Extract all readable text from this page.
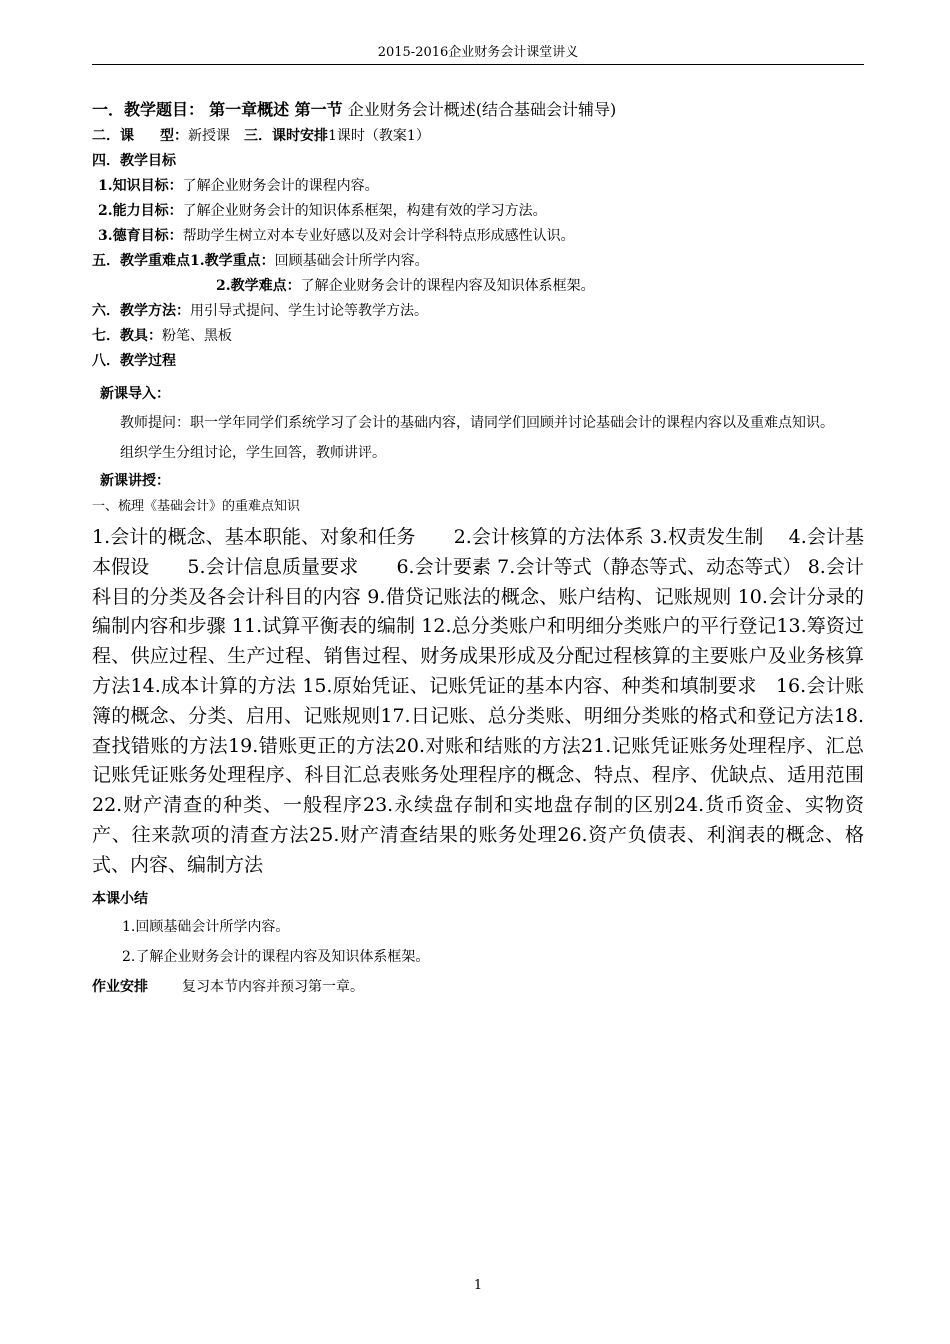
2015-2016企业财务会计课堂讲义
一．教学题目： 第一章概述 第一节 企业财务会计概述(结合基础会计辅导)
二．课 型：新授课 三．课时安排1课时（教案1）
四．教学目标
1.知识目标：了解企业财务会计的课程内容。
2.能力目标：了解企业财务会计的知识体系框架，构建有效的学习方法。
3.德育目标：帮助学生树立对本专业好感以及对会计学科特点形成感性认识。
五．教学重难点1.教学重点：回顾基础会计所学内容。
2.教学难点：了解企业财务会计的课程内容及知识体系框架。
六．教学方法：用引导式提问、学生讨论等教学方法。
七．教具：粉笔、黑板
八．教学过程
新课导入：
教师提问：职一学年同学们系统学习了会计的基础内容，请同学们回顾并讨论基础会计的课程内容以及重难点知识。
组织学生分组讨论，学生回答，教师讲评。
新课讲授：
一、梳理《基础会计》的重难点知识
1.会计的概念、基本职能、对象和任务　　2.会计核算的方法体系 3.权责发生制　 4.会计基本假设　　5.会计信息质量要求　　6.会计要素 7.会计等式（静态等式、动态等式） 8.会计科目的分类及各会计科目的内容 9.借贷记账法的概念、账户结构、记账规则 10.会计分录的编制内容和步骤 11.试算平衡表的编制 12.总分类账户和明细分类账户的平行登记13.筹资过程、供应过程、生产过程、销售过程、财务成果形成及分配过程核算的主要账户及业务核算方法14.成本计算的方法 15.原始凭证、记账凭证的基本内容、种类和填制要求　16.会计账簿的概念、分类、启用、记账规则17.日记账、总分类账、明细分类账的格式和登记方法18.查找错账的方法19.错账更正的方法20.对账和结账的方法21.记账凭证账务处理程序、汇总记账凭证账务处理程序、科目汇总表账务处理程序的概念、特点、程序、优缺点、适用范围22.财产清查的种类、一般程序23.永续盘存制和实地盘存制的区别24.货币资金、实物资产、往来款项的清查方法25.财产清查结果的账务处理26.资产负债表、利润表的概念、格式、内容、编制方法
本课小结
1.回顾基础会计所学内容。
2.了解企业财务会计的课程内容及知识体系框架。
作业安排 复习本节内容并预习第一章。
1
